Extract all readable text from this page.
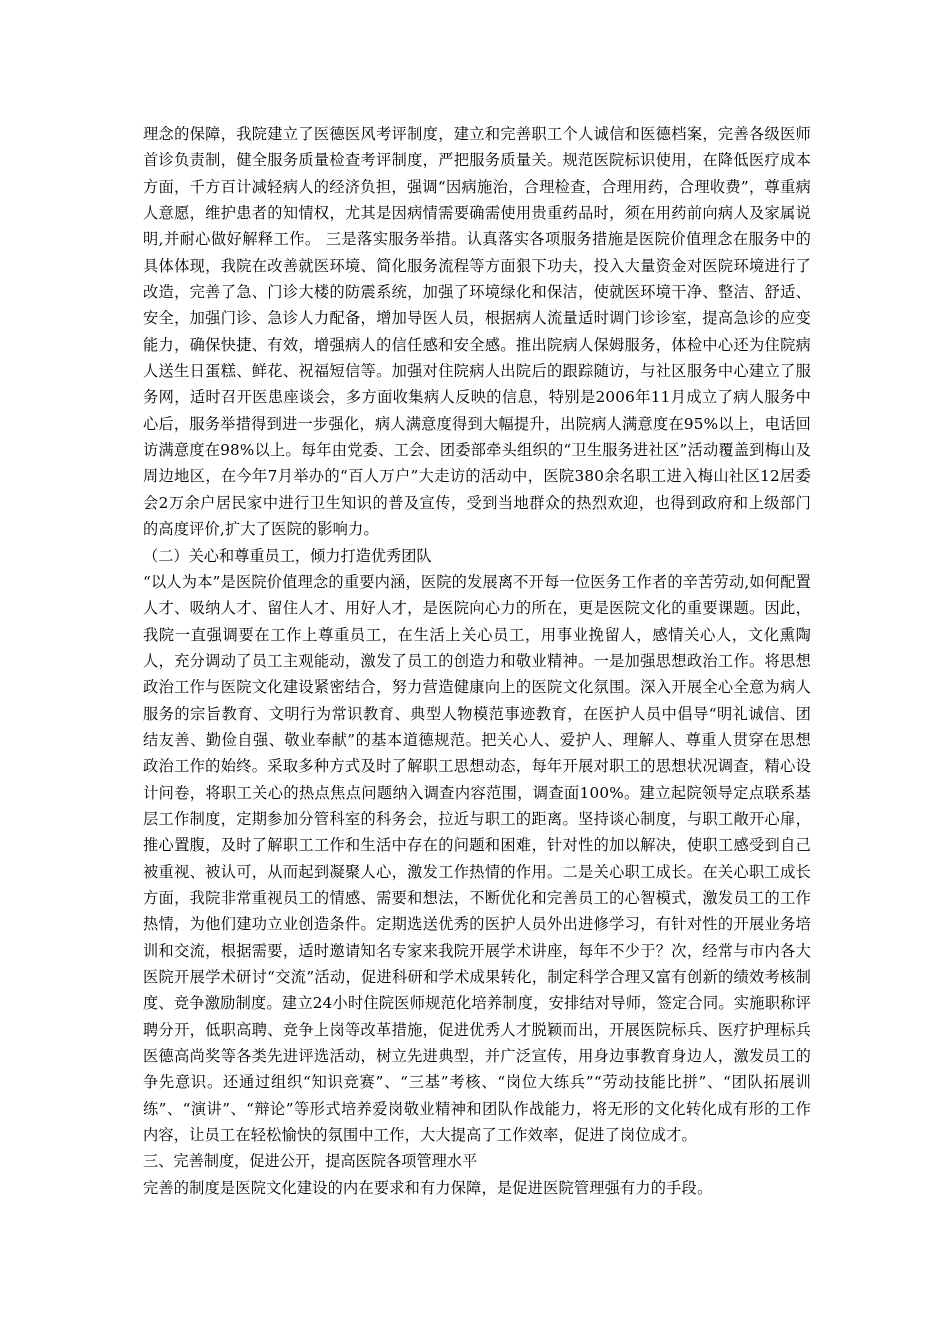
理念的保障，我院建立了医德医风考评制度，建立和完善职工个人诚信和医德档案，完善各级医师首诊负责制，健全服务质量检查考评制度，严把服务质量关。规范医院标识使用，在降低医疗成本方面，千方百计减轻病人的经济负担，强调“因病施治，合理检查，合理用药，合理收费”，尊重病人意愿，维护患者的知情权，尤其是因病情需要确需使用贵重药品时，须在用药前向病人及家属说明,并耐心做好解释工作。 三是落实服务举措。认真落实各项服务措施是医院价值理念在服务中的具体体现，我院在改善就医环境、简化服务流程等方面狠下功夫，投入大量资金对医院环境进行了改造，完善了急、门诊大楼的防震系统，加强了环境绿化和保洁，使就医环境干净、整洁、舒适、安全，加强门诊、急诊人力配备，增加导医人员，根据病人流量适时调门诊诊室，提高急诊的应变能力，确保快捷、有效，增强病人的信任感和安全感。推出院病人保姆服务，体检中心还为住院病人送生日蛋糕、鲜花、祝福短信等。加强对住院病人出院后的跟踪随访，与社区服务中心建立了服务网，适时召开医患座谈会，多方面收集病人反映的信息，特别是2006年11月成立了病人服务中心后，服务举措得到进一步强化，病人满意度得到大幅提升，出院病人满意度在95%以上，电话回访满意度在98%以上。每年由党委、工会、团委部牵头组织的“卫生服务进社区”活动覆盖到梅山及周边地区，在今年7月举办的“百人万户”大走访的活动中，医院380余名职工进入梅山社区12居委会2万余户居民家中进行卫生知识的普及宣传，受到当地群众的热烈欢迎，也得到政府和上级部门的高度评价,扩大了医院的影响力。

（二）关心和尊重员工，倾力打造优秀团队

“以人为本”是医院价值理念的重要内涵，医院的发展离不开每一位医务工作者的辛苦劳动,如何配置人才、吸纳人才、留住人才、用好人才，是医院向心力的所在，更是医院文化的重要课题。因此，我院一直强调要在工作上尊重员工，在生活上关心员工，用事业挽留人，感情关心人，文化熏陶人，充分调动了员工主观能动，激发了员工的创造力和敬业精神。一是加强思想政治工作。将思想政治工作与医院文化建设紧密结合，努力营造健康向上的医院文化氛围。深入开展全心全意为病人服务的宗旨教育、文明行为常识教育、典型人物模范事迹教育，在医护人员中倡导“明礼诚信、团结友善、勤俭自强、敬业奉献”的基本道德规范。把关心人、爱护人、理解人、尊重人贯穿在思想政治工作的始终。采取多种方式及时了解职工思想动态，每年开展对职工的思想状况调查，精心设计问卷，将职工关心的热点焦点问题纳入调查内容范围，调查面100%。建立起院领导定点联系基层工作制度，定期参加分管科室的科务会，拉近与职工的距离。坚持谈心制度，与职工敞开心扉，推心置腹，及时了解职工工作和生活中存在的问题和困难，针对性的加以解决，使职工感受到自己被重视、被认可，从而起到凝聚人心，激发工作热情的作用。二是关心职工成长。在关心职工成长方面，我院非常重视员工的情感、需要和想法，不断优化和完善员工的心智模式，激发员工的工作热情，为他们建功立业创造条件。定期选送优秀的医护人员外出进修学习，有针对性的开展业务培训和交流，根据需要，适时邀请知名专家来我院开展学术讲座，每年不少于？次，经常与市内各大医院开展学术研讨“交流”活动，促进科研和学术成果转化，制定科学合理又富有创新的绩效考核制度、竞争激励制度。建立24小时住院医师规范化培养制度，安排结对导师，签定合同。实施职称评聘分开，低职高聘、竞争上岗等改革措施，促进优秀人才脱颖而出，开展医院标兵、医疗护理标兵医德高尚奖等各类先进评选活动，树立先进典型，并广泛宣传，用身边事教育身边人，激发员工的争先意识。还通过组织“知识竞赛”、“三基”考核、“岗位大练兵”“劳动技能比拼”、“团队拓展训练”、“演讲”、“辩论”等形式培养爱岗敬业精神和团队作战能力，将无形的文化转化成有形的工作内容，让员工在轻松愉快的氛围中工作，大大提高了工作效率，促进了岗位成才。

三、完善制度，促进公开，提高医院各项管理水平

完善的制度是医院文化建设的内在要求和有力保障，是促进医院管理强有力的手段。
